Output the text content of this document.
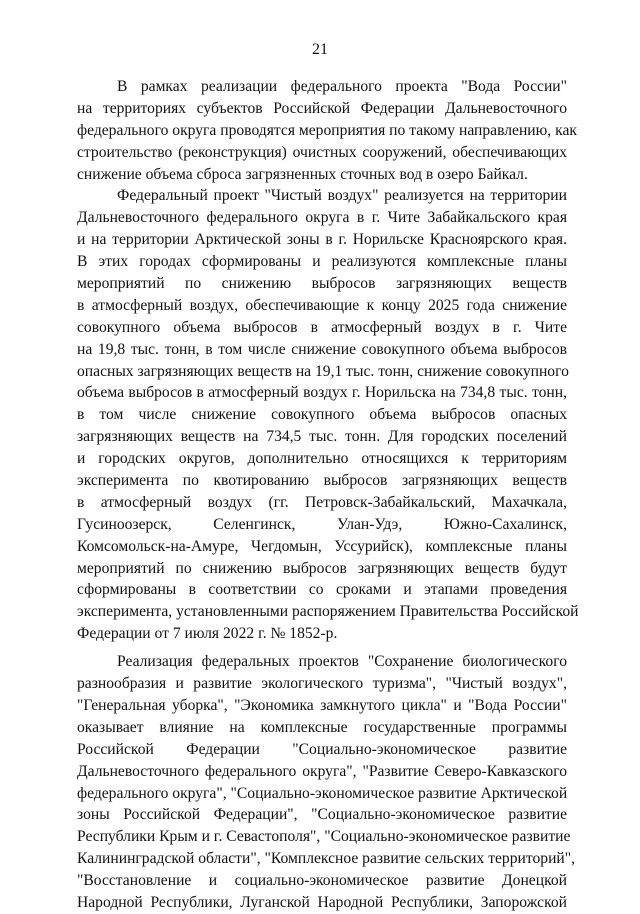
21
В рамках реализации федерального проекта "Вода России"
на территориях субъектов Российской Федерации Дальневосточного
федерального округа проводятся мероприятия по такому направлению, как
строительство (реконструкция) очистных сооружений, обеспечивающих
снижение объема сброса загрязненных сточных вод в озеро Байкал.
Федеральный проект "Чистый воздух" реализуется на территории
Дальневосточного федерального округа в г. Чите Забайкальского края
и на территории Арктической зоны в г. Норильске Красноярского края.
В этих городах сформированы и реализуются комплексные планы
мероприятий по снижению выбросов загрязняющих веществ
в атмосферный воздух, обеспечивающие к концу 2025 года снижение
совокупного объема выбросов в атмосферный воздух в г. Чите
на 19,8 тыс. тонн, в том числе снижение совокупного объема выбросов
опасных загрязняющих веществ на 19,1 тыс. тонн, снижение совокупного
объема выбросов в атмосферный воздух г. Норильска на 734,8 тыс. тонн,
в том числе снижение совокупного объема выбросов опасных
загрязняющих веществ на 734,5 тыс. тонн. Для городских поселений
и городских округов, дополнительно относящихся к территориям
эксперимента по квотированию выбросов загрязняющих веществ
в атмосферный воздух (гг. Петровск-Забайкальский, Махачкала,
Гусиноозерск, Селенгинск, Улан-Удэ, Южно-Сахалинск,
Комсомольск-на-Амуре, Чегдомын, Уссурийск), комплексные планы
мероприятий по снижению выбросов загрязняющих веществ будут
сформированы в соответствии со сроками и этапами проведения
эксперимента, установленными распоряжением Правительства Российской
Федерации от 7 июля 2022 г. № 1852-р.
Реализация федеральных проектов "Сохранение биологического
разнообразия и развитие экологического туризма", "Чистый воздух",
"Генеральная уборка", "Экономика замкнутого цикла" и "Вода России"
оказывает влияние на комплексные государственные программы
Российской Федерации "Социально-экономическое развитие
Дальневосточного федерального округа", "Развитие Северо-Кавказского
федерального округа", "Социально-экономическое развитие Арктической
зоны Российской Федерации", "Социально-экономическое развитие
Республики Крым и г. Севастополя", "Социально-экономическое развитие
Калининградской области", "Комплексное развитие сельских территорий",
"Восстановление и социально-экономическое развитие Донецкой
Народной Республики, Луганской Народной Республики, Запорожской
